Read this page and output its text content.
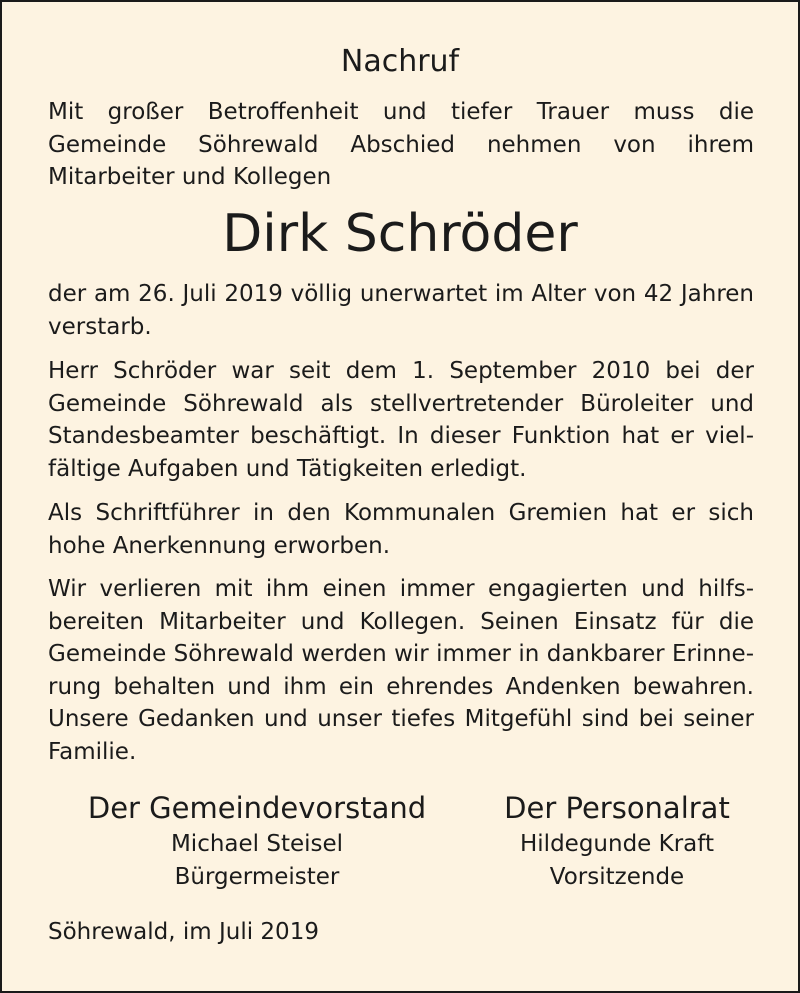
Nachruf
Mit großer Betroffenheit und tiefer Trauer muss die Gemeinde Söhrewald Abschied nehmen von ihrem Mitarbeiter und Kollegen
Dirk Schröder
der am 26. Juli 2019 völlig unerwartet im Alter von 42 Jahren verstarb.
Herr Schröder war seit dem 1. September 2010 bei der Gemeinde Söhrewald als stellvertretender Büroleiter und Standesbeamter beschäftigt. In dieser Funktion hat er vielfältige Aufgaben und Tätigkeiten erledigt.
Als Schriftführer in den Kommunalen Gremien hat er sich hohe Anerkennung erworben.
Wir verlieren mit ihm einen immer engagierten und hilfsbereiten Mitarbeiter und Kollegen. Seinen Einsatz für die Gemeinde Söhrewald werden wir immer in dankbarer Erinnerung behalten und ihm ein ehrendes Andenken bewahren. Unsere Gedanken und unser tiefes Mitgefühl sind bei seiner Familie.
Der Gemeindevorstand
Michael Steisel
Bürgermeister
Der Personalrat
Hildegunde Kraft
Vorsitzende
Söhrewald, im Juli 2019
